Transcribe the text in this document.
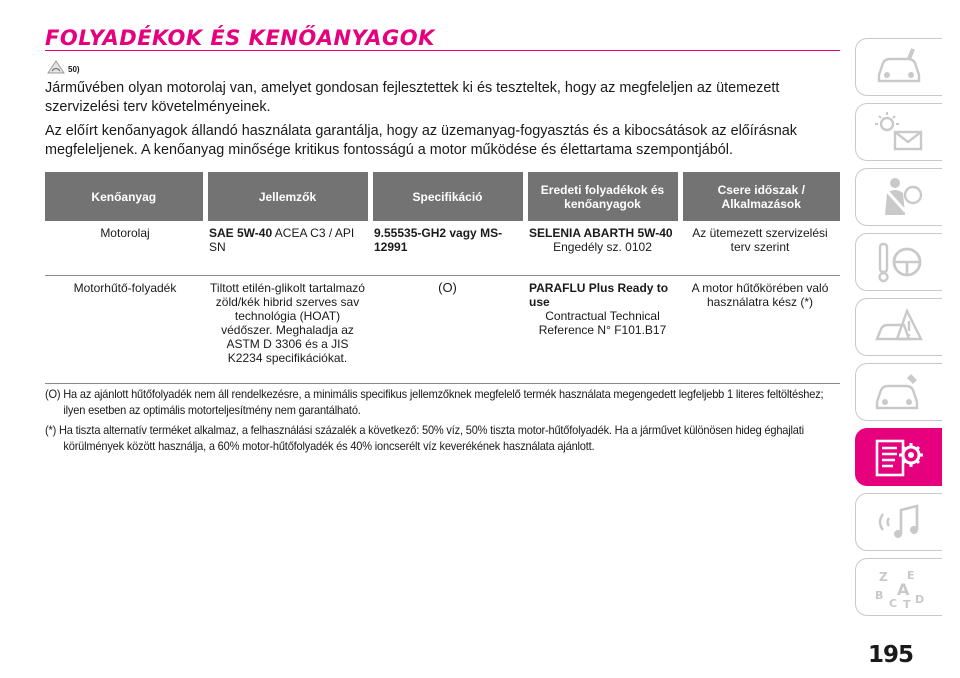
FOLYADÉKOK ÉS KENŐANYAGOK
50)

Járművében olyan motorolaj van, amelyet gondosan fejlesztettek ki és teszteltek, hogy az megfeleljen az ütemezett szervizelési terv követelményeinek.

Az előírt kenőanyagok állandó használata garantálja, hogy az üzemanyag-fogyasztás és a kibocsátások az előírásnak megfeleljenek. A kenőanyag minősége kritikus fontosságú a motor működése és élettartama szempontjából.

Kenőanyag	Jellemzők	Specifikáció	Eredeti folyadékok és kenőanyagok	Csere időszak / Alkalmazások
Motorolaj	SAE 5W-40 ACEA C3 / API SN	9.55535-GH2 vagy MS-12991	SELENIA ABARTH 5W-40
Engedély sz. 0102	Az ütemezett szervizelési terv szerint
Motorhűtő-folyadék	Tiltott etilén-glikolt tartalmazó zöld/kék hibrid szerves sav technológia (HOAT) védőszer. Meghaladja az ASTM D 3306 és a JIS K2234 specifikációkat.	(O)	PARAFLU Plus Ready to use
Contractual Technical Reference N° F101.B17	A motor hűtőkörében való használatra kész (*)

(O) Ha az ajánlott hűtőfolyadék nem áll rendelkezésre, a minimális specifikus jellemzőknek megfelelő termék használata megengedett legfeljebb 1 literes feltöltéshez; ilyen esetben az optimális motorteljesítmény nem garantálható.

(*) Ha tiszta alternatív terméket alkalmaz, a felhasználási százalék a következő: 50% víz, 50% tiszta motor-hűtőfolyadék. Ha a járművet különösen hideg éghajlati körülmények között használja, a 60% motor-hűtőfolyadék és 40% ioncserélt víz keverékének használata ajánlott.

Z E
B A
C T D

195
